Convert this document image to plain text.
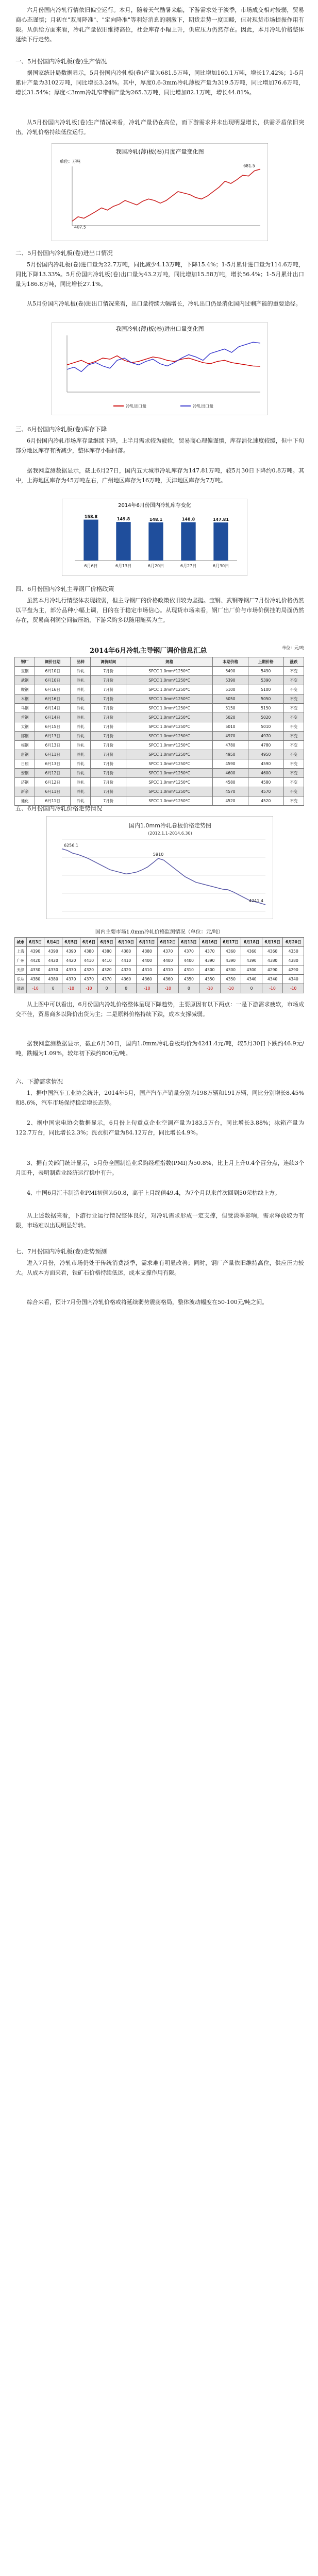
六月份国内冷轧行情依旧偏空运行。本月，随着天气酷暑来临，下游需求处于淡季，市场成交相对较弱，贸易商心态谨慎；月初在"双周降准"、"定向降准"等利好消息的刺激下，期货走势一度回暖，但对现货市场提振作用有限。从供给方面来看，冷轧产量依旧维持高位，社会库存小幅上升，供应压力仍然存在。因此，本月冷轧价格整体延续下行走势。

一、5月份国内冷轧板(卷)生产情况

据国家统计局数据显示，5月份国内冷轧板(卷)产量为681.5万吨，同比增加160.1万吨，增长17.42%；1-5月累计产量为3102万吨，同比增长3.24%。其中，厚度0.6-3mm冷轧薄板产量为319.5万吨，同比增加76.6万吨，增长31.54%；厚度＜3mm冷轧窄带钢产量为265.3万吨，同比增加82.1万吨，增长44.81%。

从5月份国内冷轧板(卷)生产情况来看，冷轧产量仍在高位，而下游需求并未出现明显增长，供需矛盾依旧突出，冷轧价格持续低位运行。

我国冷轧(薄)板(卷)月度产量变化图
单位：万吨
681.5
407.5
二、5月份国内冷轧板(卷)进出口情况

5月份国内冷轧板(卷)进口量为22.7万吨，同比减少4.13万吨，下降15.4%；1-5月累计进口量为114.6万吨，同比下降13.33%。5月份国内冷轧板(卷)出口量为43.2万吨，同比增加15.58万吨，增长56.4%；1-5月累计出口量为186.8万吨，同比增长27.1%。

从5月份国内冷轧板(卷)进出口情况来看，出口量持续大幅增长，冷轧出口仍是消化国内过剩产能的重要途径。

我国冷轧(薄)板(卷)进出口量变化图
冷轧进口量	冷轧出口量
三、6月份国内冷轧板(卷)库存下降

6月份国内冷轧市场库存量继续下降，上半月需求较为疲软，贸易商心理偏谨慎，库存消化速度较缓，但中下旬部分地区库存有所减少，整体库存小幅回落。

据我网监测数据显示，截止6月27日，国内五大城市冷轧库存为147.81万吨，较5月30日下降约0.8万吨。其中，上海地区库存为45万吨左右，广州地区库存为16万吨，天津地区库存为7万吨。

2014年6月份国内冷轧库存变化
158.8
6月6日
149.8
6月13日
148.1
6月20日
148.8
6月27日
147.81
6月30日
四、6月份国内冷轧主导钢厂价格政策

虽然本月冷轧行情整体表现较弱，但主导钢厂的价格政策依旧较为坚挺。宝钢、武钢等钢厂7月份冷轧价格仍然以平盘为主，部分品种小幅上调，目的在于稳定市场信心。从现货市场来看，钢厂出厂价与市场价倒挂的局面仍然存在，贸易商利润空间被压缩，下游采购多以随用随买为主。

2014年6月冷轧主导钢厂调价信息汇总	单位：元/吨
钢厂	调价日期	品种	调价时间	规格	本期价格	上期价格	涨跌
宝钢	6月10日	冷轧	7月份	SPCC 1.0mm*1250*C	5490	5490	不变
武钢	6月10日	冷轧	7月份	SPCC 1.0mm*1250*C	5390	5390	不变
鞍钢	6月16日	冷轧	7月份	SPCC 1.0mm*1250*C	5100	5100	不变
本钢	6月16日	冷轧	7月份	SPCC 1.0mm*1250*C	5050	5050	不变
马钢	6月14日	冷轧	7月份	SPCC 1.0mm*1250*C	5150	5150	不变
首钢	6月14日	冷轧	7月份	SPCC 1.0mm*1250*C	5020	5020	不变
太钢	6月15日	冷轧	7月份	SPCC 1.0mm*1250*C	5010	5010	不变
邯钢	6月13日	冷轧	7月份	SPCC 1.0mm*1250*C	4970	4970	不变
梅钢	6月13日	冷轧	7月份	SPCC 1.0mm*1250*C	4780	4780	不变
唐钢	6月11日	冷轧	7月份	SPCC 1.0mm*1250*C	4950	4950	不变
日照	6月13日	冷轧	7月份	SPCC 1.0mm*1250*C	4590	4590	不变
安钢	6月12日	冷轧	7月份	SPCC 1.0mm*1250*C	4600	4600	不变
济钢	6月12日	冷轧	7月份	SPCC 1.0mm*1250*C	4580	4580	不变
新余	6月11日	冷轧	7月份	SPCC 1.0mm*1250*C	4570	4570	不变
通化	6月11日	冷轧	7月份	SPCC 1.0mm*1250*C	4520	4520	不变
五、6月份国内冷轧价格走势情况
国内1.0mm冷轧卷板价格走势图
(2012.1.1-2014.6.30)
6256.1
5910
4241.4
国内主要市场1.0mm冷轧价格监测情况（单位：元/吨）
城市	6月3日	6月4日	6月5日	6月6日	6月9日	6月10日	6月11日	6月12日	6月13日	6月16日	6月17日	6月18日	6月19日	6月20日
上海	4390	4390	4390	4380	4380	4380	4380	4370	4370	4370	4360	4360	4360	4350
广州	4420	4420	4420	4410	4410	4410	4400	4400	4400	4390	4390	4390	4380	4380
天津	4330	4330	4330	4320	4320	4320	4310	4310	4310	4300	4300	4300	4290	4290
乐从	4380	4380	4370	4370	4370	4360	4360	4360	4350	4350	4350	4340	4340	4340
涨跌	-10	0	-10	-10	0	0	-10	-10	0	-10	-10	0	-10	-10

从上图中可以看出，6月份国内冷轧价格整体呈现下降趋势，主要原因有以下两点：一是下游需求疲软，市场成交不佳，贸易商多以降价出货为主；二是原料价格持续下跌，成本支撑减弱。

据我网监测数据显示，截止6月30日，国内1.0mm冷轧卷板均价为4241.4元/吨，较5月30日下跌约46.9元/吨，跌幅为1.09%，较年初下跌约800元/吨。

六、下游需求情况

1、据中国汽车工业协会统计，2014年5月，国产汽车产销量分别为198万辆和191万辆，同比分别增长8.45%和8.6%，汽车市场保持稳定增长态势。

2、据中国家电协会数据显示，6月份上旬重点企业空调产量为183.5万台，同比增长3.88%；冰箱产量为122.7万台，同比增长2.3%；洗衣机产量为84.12万台，同比增长4.9%。

3、据有关部门统计显示，5月份全国制造业采购经理指数(PMI)为50.8%，比上月上升0.4个百分点，连续3个月回升，表明制造业经济运行稳中有升。

4、中国6月汇丰制造业PMI初值为50.8，高于上月终值49.4，为7个月以来首次回到50荣枯线上方。

从上述数据来看，下游行业运行情况整体良好，对冷轧需求形成一定支撑，但受淡季影响，需求释放较为有限，市场难以出现明显好转。

七、7月份国内冷轧板(卷)走势预测

进入7月份，冷轧市场仍处于传统消费淡季，需求难有明显改善；同时，钢厂产量依旧维持高位，供应压力较大。从成本方面来看，铁矿石价格持续低迷，成本支撑作用有限。

综合来看，预计7月份国内冷轧价格或将延续弱势震荡格局，整体波动幅度在50-100元/吨之间。
